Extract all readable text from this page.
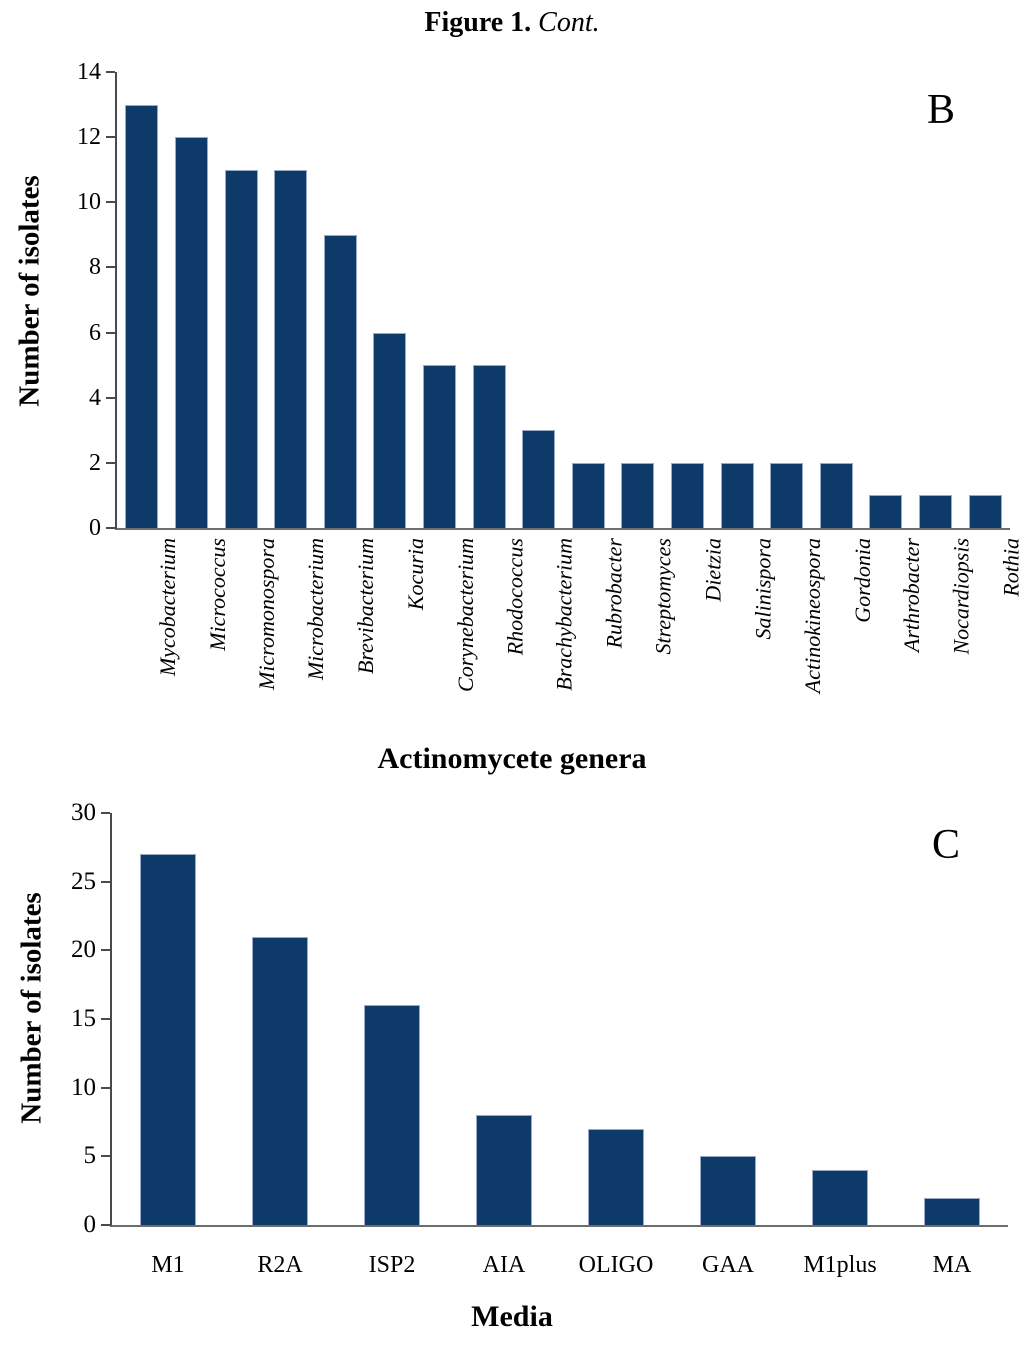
Figure 1. Cont.
Number of isolates
B
0
2
4
6
8
10
12
14
Mycobacterium Micrococcus Micromonospora Microbacterium Brevibacterium Kocuria Corynebacterium Rhodococcus Brachybacterium Rubrobacter Streptomyces Dietzia Salinispora Actinokineospora Gordonia Arthrobacter Nocardiopsis Rothia
Actinomycete genera
Number of isolates
C
0
5
10
15
20
25
30
M1	R2A	ISP2	AIA OLIGO GAA M1plus MA
Media
